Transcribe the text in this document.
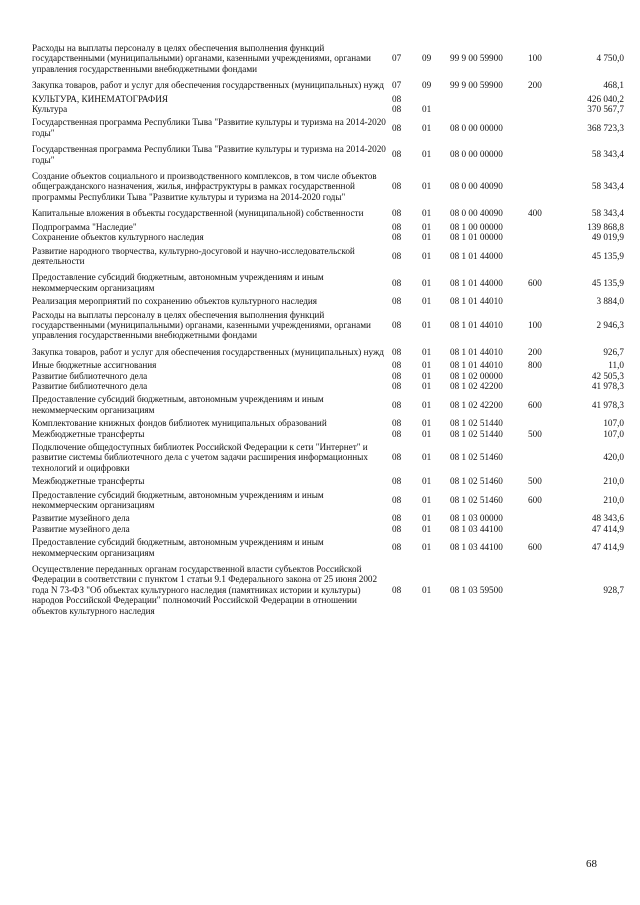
Расходы на выплаты персоналу в целях обеспечения выполнения функций государственными (муниципальными) органами, казенными учреждениями, органами управления государственными внебюджетными фондами	07	09	99 9 00 59900	100	4 750,0
Закупка товаров, работ и услуг для обеспечения государственных (муниципальных) нужд	07	09	99 9 00 59900	200	468,1
КУЛЬТУРА, КИНЕМАТОГРАФИЯ	08				426 040,2
Культура	08	01			370 567,7
Государственная программа Республики Тыва "Развитие культуры и туризма на 2014-2020 годы"	08	01	08 0 00 00000		368 723,3
Государственная программа Республики Тыва "Развитие культуры и туризма на 2014-2020 годы"	08	01	08 0 00 00000		58 343,4
Создание объектов социального и производственного комплексов, в том числе объектов общегражданского назначения, жилья, инфраструктуры в рамках государственной программы Республики Тыва "Развитие культуры и туризма на 2014-2020 годы"	08	01	08 0 00 40090		58 343,4
Капитальные вложения в объекты государственной (муниципальной) собственности	08	01	08 0 00 40090	400	58 343,4
Подпрограмма "Наследие"	08	01	08 1 00 00000		139 868,8
Сохранение объектов культурного наследия	08	01	08 1 01 00000		49 019,9
Развитие народного творчества, культурно-досуговой и научно-исследовательской деятельности	08	01	08 1 01 44000		45 135,9
Предоставление субсидий бюджетным, автономным учреждениям и иным некоммерческим организациям	08	01	08 1 01 44000	600	45 135,9
Реализация мероприятий по сохранению объектов культурного наследия	08	01	08 1 01 44010		3 884,0
Расходы на выплаты персоналу в целях обеспечения выполнения функций государственными (муниципальными) органами, казенными учреждениями, органами управления государственными внебюджетными фондами	08	01	08 1 01 44010	100	2 946,3
Закупка товаров, работ и услуг для обеспечения государственных (муниципальных) нужд	08	01	08 1 01 44010	200	926,7
Иные бюджетные ассигнования	08	01	08 1 01 44010	800	11,0
Развитие библиотечного дела	08	01	08 1 02 00000		42 505,3
Развитие библиотечного дела	08	01	08 1 02 42200		41 978,3
Предоставление субсидий бюджетным, автономным учреждениям и иным некоммерческим организациям	08	01	08 1 02 42200	600	41 978,3
Комплектование книжных фондов библиотек муниципальных образований	08	01	08 1 02 51440		107,0
Межбюджетные трансферты	08	01	08 1 02 51440	500	107,0
Подключение общедоступных библиотек Российской Федерации к сети "Интернет" и развитие системы библиотечного дела с учетом задачи расширения информационных технологий и оцифровки	08	01	08 1 02 51460		420,0
Межбюджетные трансферты	08	01	08 1 02 51460	500	210,0
Предоставление субсидий бюджетным, автономным учреждениям и иным некоммерческим организациям	08	01	08 1 02 51460	600	210,0
Развитие музейного дела	08	01	08 1 03 00000		48 343,6
Развитие музейного дела	08	01	08 1 03 44100		47 414,9
Предоставление субсидий бюджетным, автономным учреждениям и иным некоммерческим организациям	08	01	08 1 03 44100	600	47 414,9
Осуществление переданных органам государственной власти субъектов Российской Федерации в соответствии с пунктом 1 статьи 9.1 Федерального закона от 25 июня 2002 года N 73-ФЗ "Об объектах культурного наследия (памятниках истории и культуры) народов Российской Федерации" полномочий Российской Федерации в отношении объектов культурного наследия	08	01	08 1 03 59500		928,7
68
